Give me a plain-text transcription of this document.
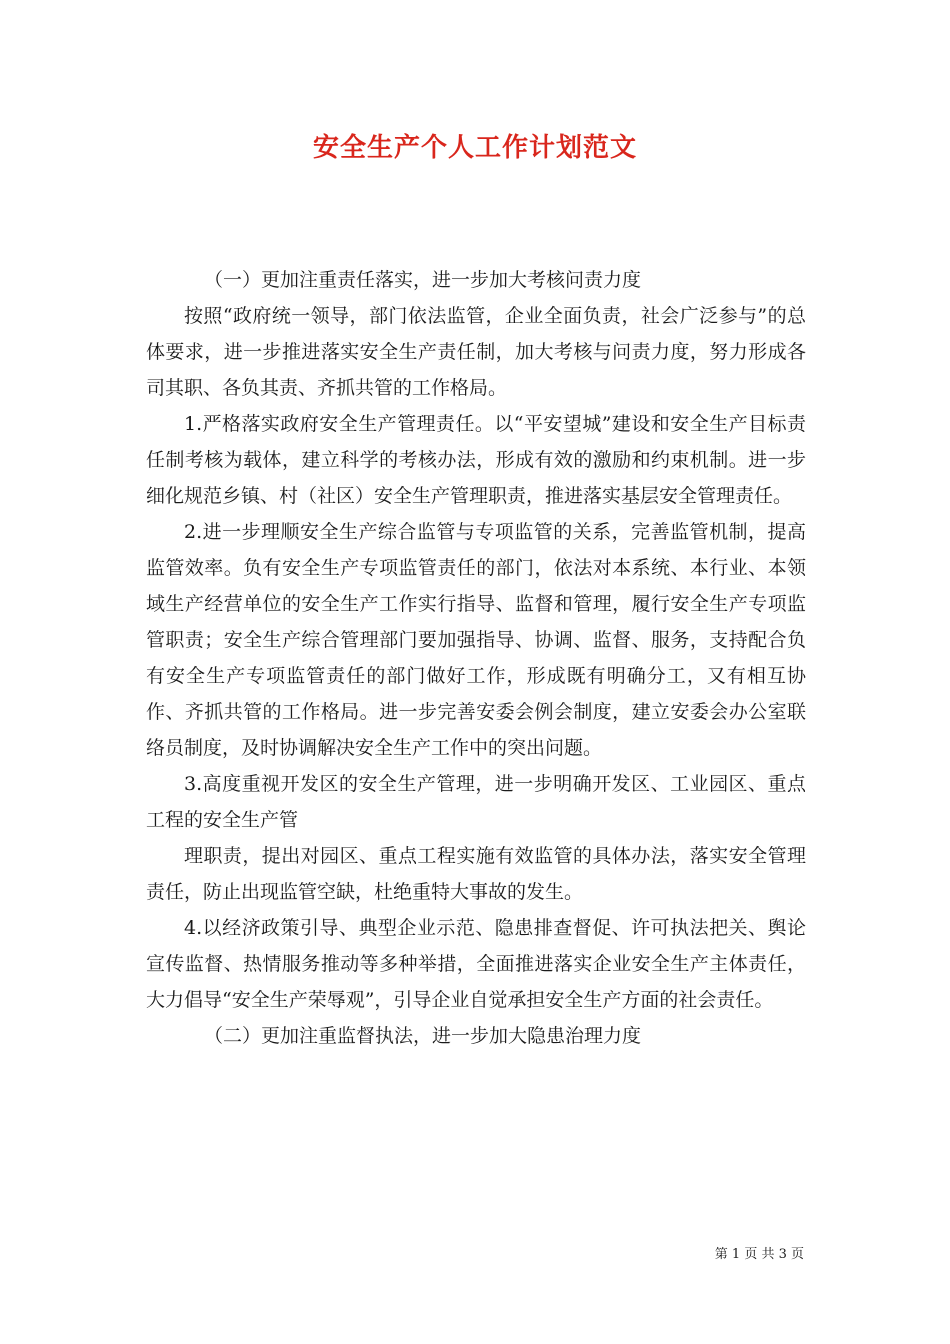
安全生产个人工作计划范文

（一）更加注重责任落实，进一步加大考核问责力度

按照“政府统一领导，部门依法监管，企业全面负责，社会广泛参与”的总体要求，进一步推进落实安全生产责任制，加大考核与问责力度，努力形成各司其职、各负其责、齐抓共管的工作格局。

1.严格落实政府安全生产管理责任。以“平安望城”建设和安全生产目标责任制考核为载体，建立科学的考核办法，形成有效的激励和约束机制。进一步细化规范乡镇、村（社区）安全生产管理职责，推进落实基层安全管理责任。

2.进一步理顺安全生产综合监管与专项监管的关系，完善监管机制，提高监管效率。负有安全生产专项监管责任的部门，依法对本系统、本行业、本领域生产经营单位的安全生产工作实行指导、监督和管理，履行安全生产专项监管职责；安全生产综合管理部门要加强指导、协调、监督、服务，支持配合负有安全生产专项监管责任的部门做好工作，形成既有明确分工，又有相互协作、齐抓共管的工作格局。进一步完善安委会例会制度，建立安委会办公室联络员制度，及时协调解决安全生产工作中的突出问题。

3.高度重视开发区的安全生产管理，进一步明确开发区、工业园区、重点工程的安全生产管

理职责，提出对园区、重点工程实施有效监管的具体办法，落实安全管理责任，防止出现监管空缺，杜绝重特大事故的发生。

4.以经济政策引导、典型企业示范、隐患排查督促、许可执法把关、舆论宣传监督、热情服务推动等多种举措，全面推进落实企业安全生产主体责任，大力倡导“安全生产荣辱观”，引导企业自觉承担安全生产方面的社会责任。

（二）更加注重监督执法，进一步加大隐患治理力度

第 1 页 共 3 页
